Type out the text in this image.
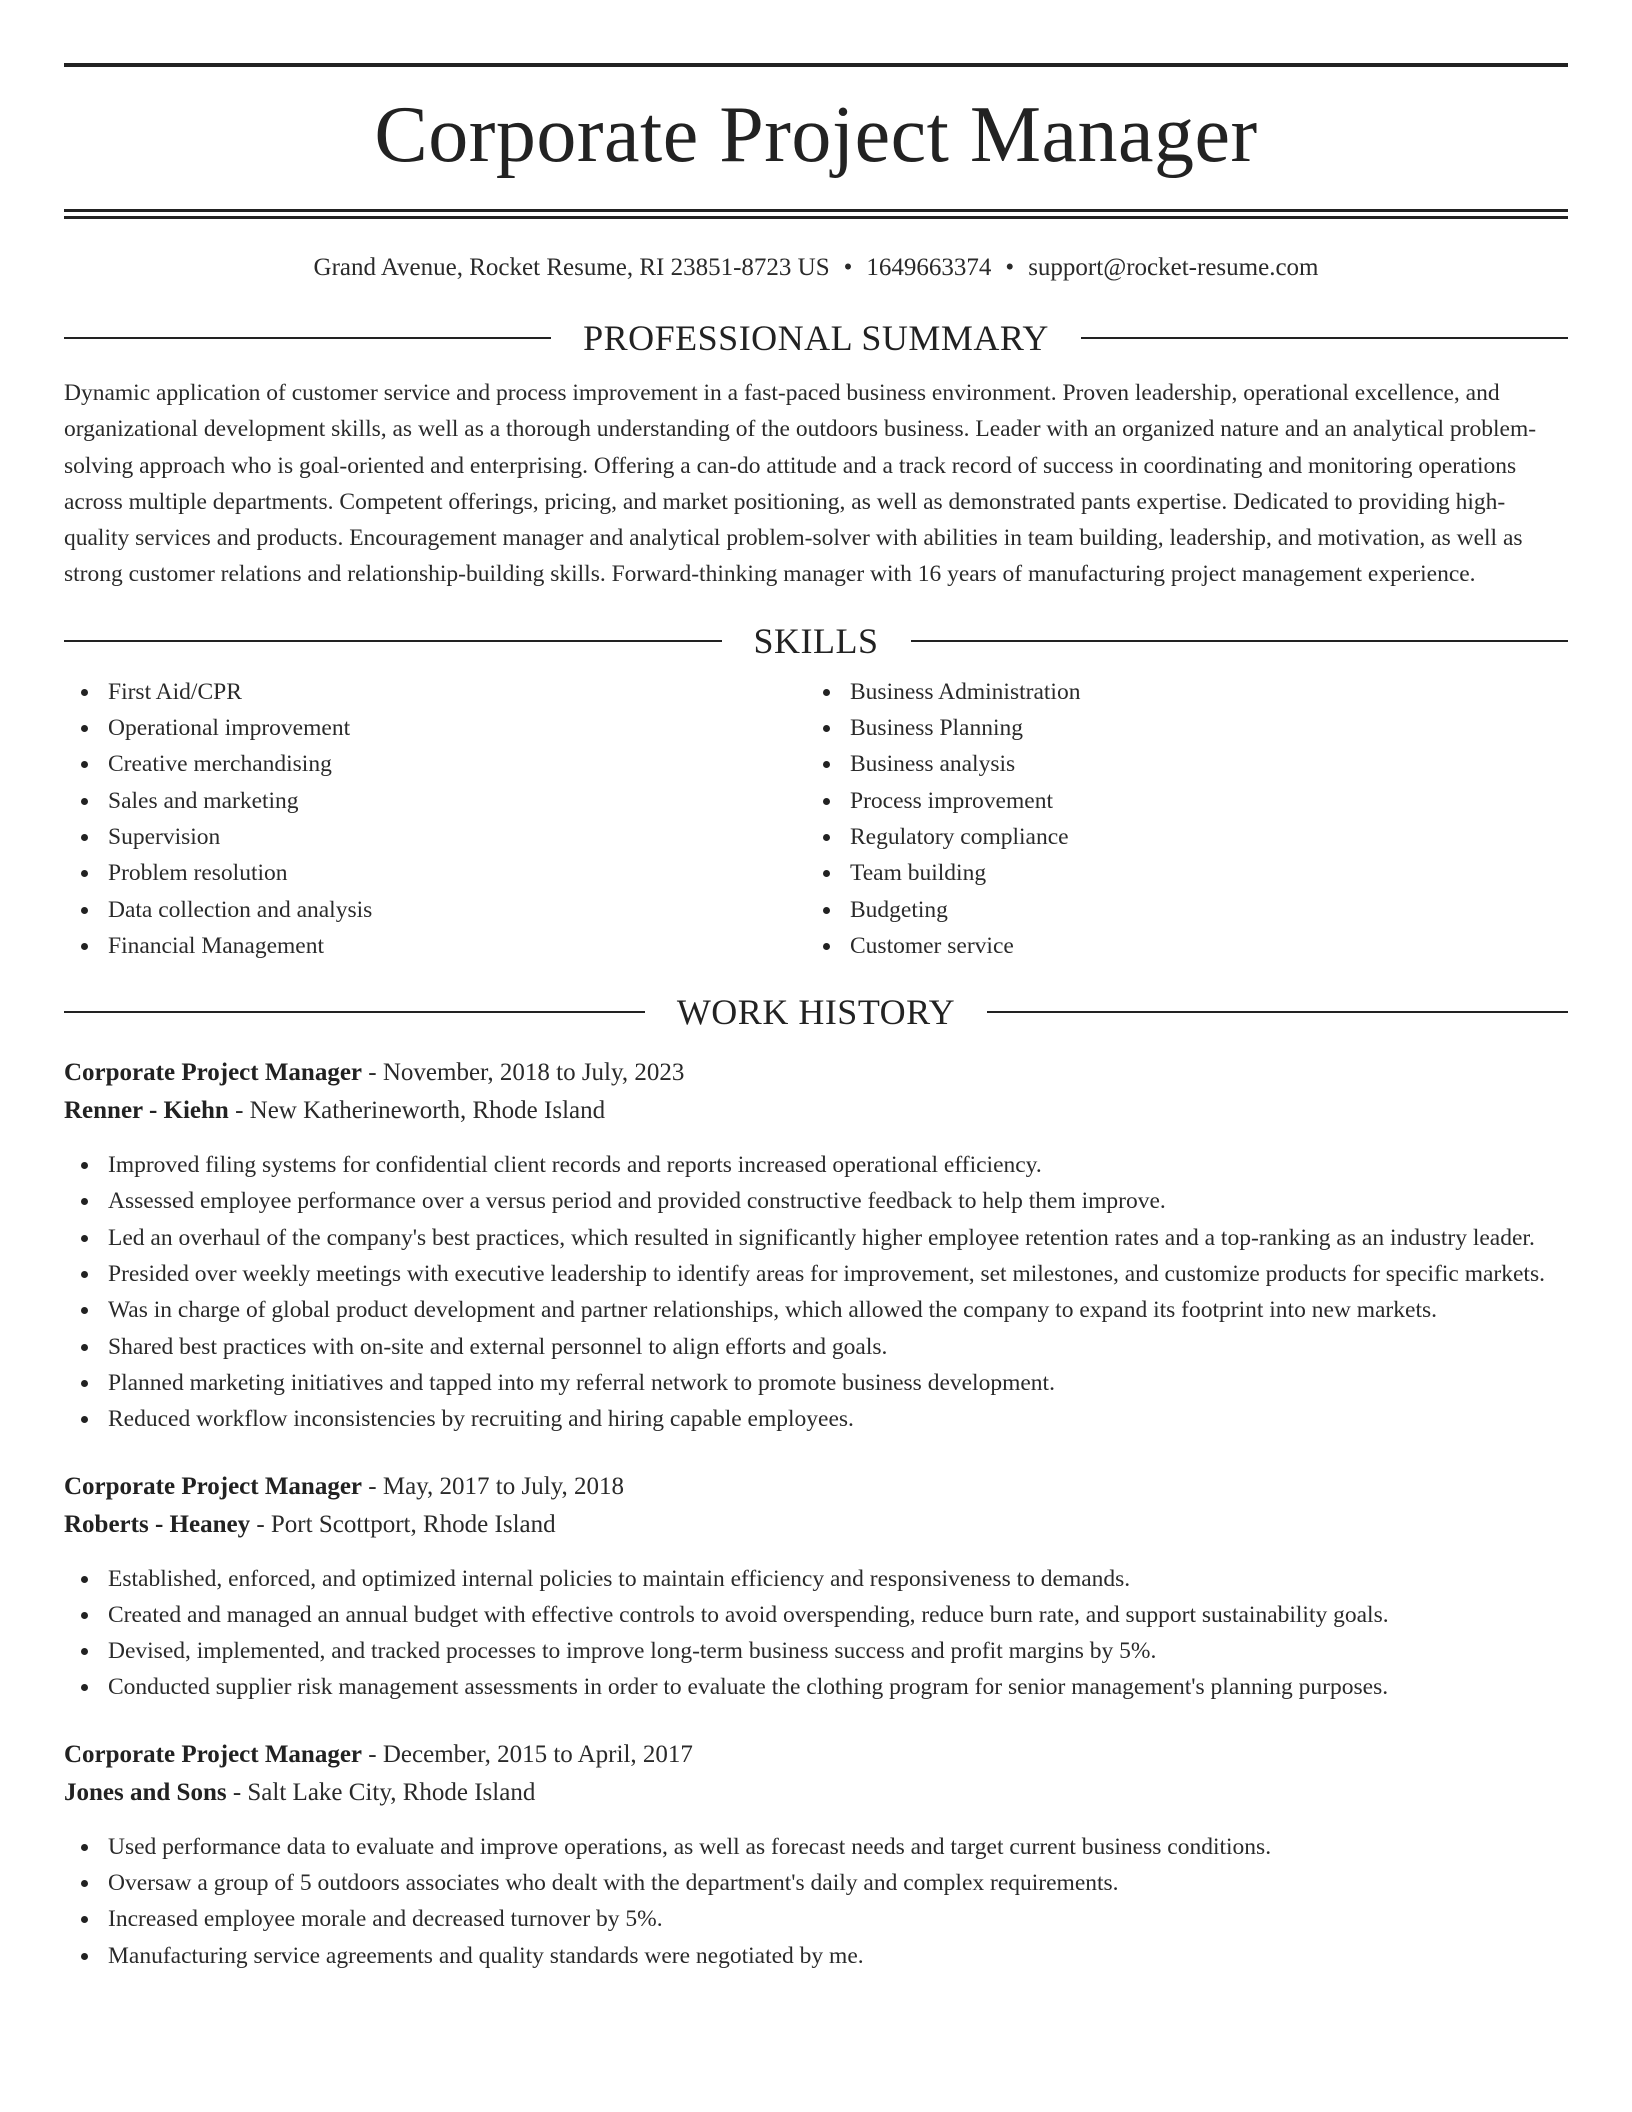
Corporate Project Manager
Grand Avenue, Rocket Resume, RI 23851-8723 US • 1649663374 • support@rocket-resume.com
PROFESSIONAL SUMMARY

Dynamic application of customer service and process improvement in a fast-paced business environment. Proven leadership, operational excellence, and organizational development skills, as well as a thorough understanding of the outdoors business. Leader with an organized nature and an analytical problem-solving approach who is goal-oriented and enterprising. Offering a can-do attitude and a track record of success in coordinating and monitoring operations across multiple departments. Competent offerings, pricing, and market positioning, as well as demonstrated pants expertise. Dedicated to providing high-quality services and products. Encouragement manager and analytical problem-solver with abilities in team building, leadership, and motivation, as well as strong customer relations and relationship-building skills. Forward-thinking manager with 16 years of manufacturing project management experience.

SKILLS
First Aid/CPR
Operational improvement
Creative merchandising
Sales and marketing
Supervision
Problem resolution
Data collection and analysis
Financial Management
Business Administration
Business Planning
Business analysis
Process improvement
Regulatory compliance
Team building
Budgeting
Customer service
WORK HISTORY
Corporate Project Manager - November, 2018 to July, 2023
Renner - Kiehn - New Katherineworth, Rhode Island
Improved filing systems for confidential client records and reports increased operational efficiency.
Assessed employee performance over a versus period and provided constructive feedback to help them improve.
Led an overhaul of the company's best practices, which resulted in significantly higher employee retention rates and a top-ranking as an industry leader.
Presided over weekly meetings with executive leadership to identify areas for improvement, set milestones, and customize products for specific markets.
Was in charge of global product development and partner relationships, which allowed the company to expand its footprint into new markets.
Shared best practices with on-site and external personnel to align efforts and goals.
Planned marketing initiatives and tapped into my referral network to promote business development.
Reduced workflow inconsistencies by recruiting and hiring capable employees.
Corporate Project Manager - May, 2017 to July, 2018
Roberts - Heaney - Port Scottport, Rhode Island
Established, enforced, and optimized internal policies to maintain efficiency and responsiveness to demands.
Created and managed an annual budget with effective controls to avoid overspending, reduce burn rate, and support sustainability goals.
Devised, implemented, and tracked processes to improve long-term business success and profit margins by 5%.
Conducted supplier risk management assessments in order to evaluate the clothing program for senior management's planning purposes.
Corporate Project Manager - December, 2015 to April, 2017
Jones and Sons - Salt Lake City, Rhode Island
Used performance data to evaluate and improve operations, as well as forecast needs and target current business conditions.
Oversaw a group of 5 outdoors associates who dealt with the department's daily and complex requirements.
Increased employee morale and decreased turnover by 5%.
Manufacturing service agreements and quality standards were negotiated by me.
